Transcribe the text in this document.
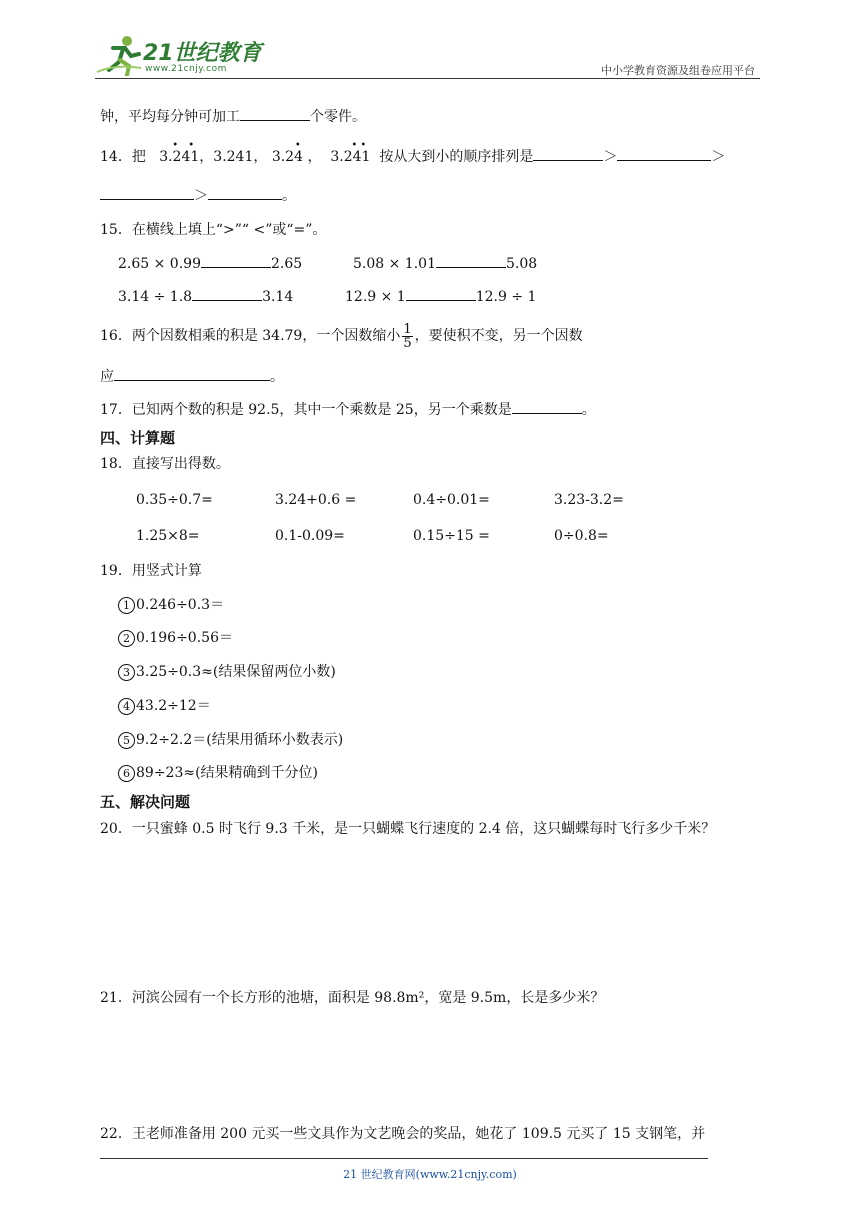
21世纪教育
www.21cnjy.com	中小学教育资源及组卷应用平台
钟，平均每分钟可加工	个零件。
14．把 3.241
• •
，3.241， 3.24
•
， 3.241
• •
按从大到小的顺序排列是	＞	＞
＞	。
15．在横线上填上“>”“ <”或“=”。
2.65 × 0.99	2.65	5.08 × 1.01	5.08
3.14 ÷ 1.8	3.14	12.9 × 1	12.9 ÷ 1
16．两个因数相乘的积是 34.79，一个因数缩小 $\frac{1}{5}$ ，要使积不变，另一个因数
应	。
17．已知两个数的积是 92.5，其中一个乘数是 25，另一个乘数是	。
四、计算题
18．直接写出得数。
0.35÷0.7=	3.24+0.6 =	0.4÷0.01=	3.23-3.2=
1.25×8=	0.1-0.09=	0.15÷15 =	0÷0.8=
19．用竖式计算
1 0.246÷0.3＝
2 0.196÷0.56＝
3 3.25÷0.3≈(结果保留两位小数)
4 43.2÷12＝
5 9.2÷2.2＝(结果用循环小数表示)
6 89÷23≈(结果精确到千分位)
五、解决问题
20．一只蜜蜂 0.5 时飞行 9.3 千米，是一只蝴蝶飞行速度的 2.4 倍，这只蝴蝶每时飞行多少千米？
21．河滨公园有一个长方形的池塘，面积是 98.8m²，宽是 9.5m，长是多少米？
22．王老师准备用 200 元买一些文具作为文艺晚会的奖品，她花了 109.5 元买了 15 支钢笔，并
21 世纪教育网(www.21cnjy.com)
